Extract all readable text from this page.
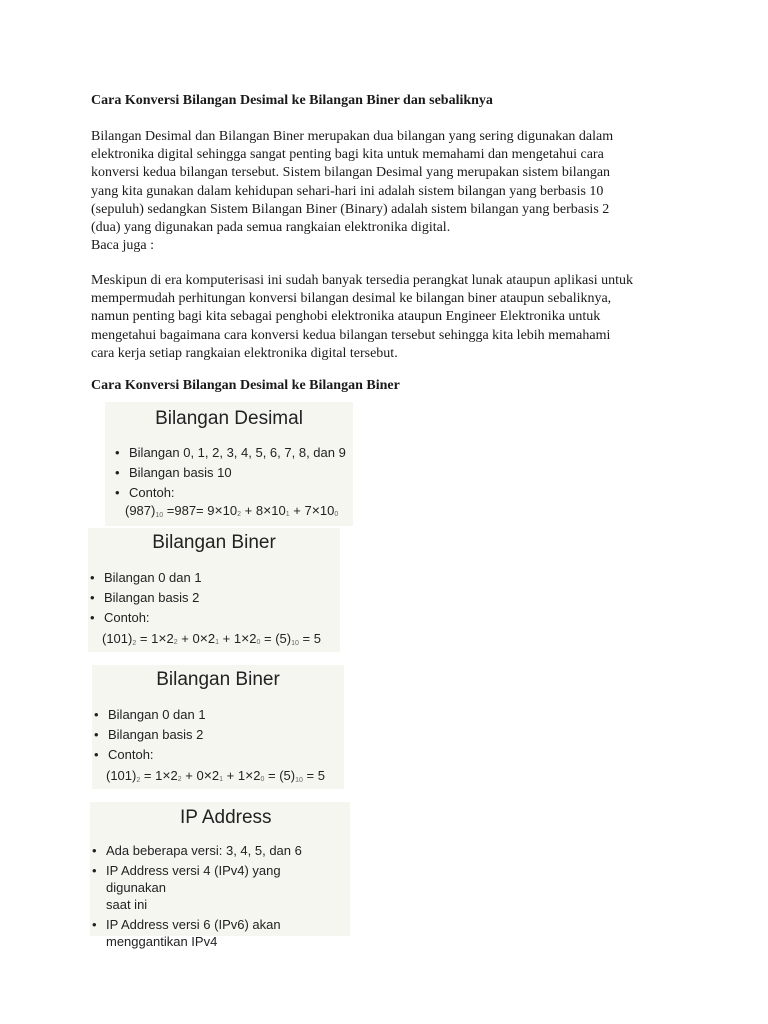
Cara Konversi Bilangan Desimal ke Bilangan Biner dan sebaliknya

Bilangan Desimal dan Bilangan Biner merupakan dua bilangan yang sering digunakan dalam
elektronika digital sehingga sangat penting bagi kita untuk memahami dan mengetahui cara
konversi kedua bilangan tersebut. Sistem bilangan Desimal yang merupakan sistem bilangan
yang kita gunakan dalam kehidupan sehari-hari ini adalah sistem bilangan yang berbasis 10
(sepuluh) sedangkan Sistem Bilangan Biner (Binary) adalah sistem bilangan yang berbasis 2
(dua) yang digunakan pada semua rangkaian elektronika digital.
Baca juga :

Meskipun di era komputerisasi ini sudah banyak tersedia perangkat lunak ataupun aplikasi untuk
mempermudah perhitungan konversi bilangan desimal ke bilangan biner ataupun sebaliknya,
namun penting bagi kita sebagai penghobi elektronika ataupun Engineer Elektronika untuk
mengetahui bagaimana cara konversi kedua bilangan tersebut sehingga kita lebih memahami
cara kerja setiap rangkaian elektronika digital tersebut.

Cara Konversi Bilangan Desimal ke Bilangan Biner
Bilangan Desimal
• Bilangan 0, 1, 2, 3, 4, 5, 6, 7, 8, dan 9
• Bilangan basis 10
• Contoh:
$(987)_{10} =987= 9\times 10^2 + 8\times 10^1 + 7\times 10^0$
Bilangan Biner
• Bilangan 0 dan 1
• Bilangan basis 2
• Contoh:
$(101)_2 = 1\times 2^2 + 0\times 2^1 + 1\times 2^0 = (5)_{10} = 5$
Bilangan Biner
• Bilangan 0 dan 1
• Bilangan basis 2
• Contoh:
$(101)_2 = 1\times 2^2 + 0\times 2^1 + 1\times 2^0 = (5)_{10} = 5$
IP Address
• Ada beberapa versi: 3, 4, 5, dan 6
• IP Address versi 4 (IPv4) yang digunakan
saat ini
• IP Address versi 6 (IPv6) akan
menggantikan IPv4
